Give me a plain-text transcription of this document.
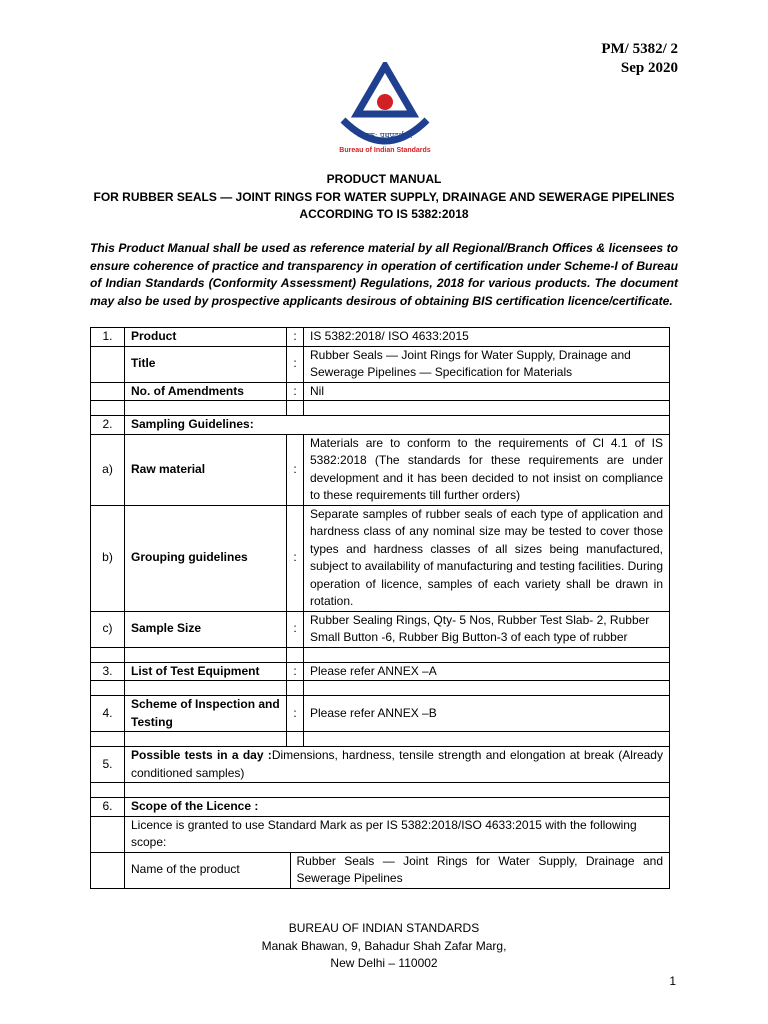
PM/ 5382/ 2
Sep 2020
मानक: पथप्रदर्शक:
Bureau of Indian Standards
PRODUCT MANUAL
FOR RUBBER SEALS — JOINT RINGS FOR WATER SUPPLY, DRAINAGE AND SEWERAGE PIPELINES
ACCORDING TO IS 5382:2018
This Product Manual shall be used as reference material by all Regional/Branch Offices & licensees to ensure coherence of practice and transparency in operation of certification under Scheme-I of Bureau of Indian Standards (Conformity Assessment) Regulations, 2018 for various products. The document may also be used by prospective applicants desirous of obtaining BIS certification licence/certificate.
1.	Product	:	IS 5382:2018/ ISO 4633:2015
	Title	:	Rubber Seals — Joint Rings for Water Supply, Drainage and Sewerage Pipelines — Specification for Materials
	No. of Amendments	:	Nil

2.	Sampling Guidelines:
a)	Raw material	:	Materials are to conform to the requirements of Cl 4.1 of IS 5382:2018 (The standards for these requirements are under development and it has been decided to not insist on compliance to these requirements till further orders)
b)	Grouping guidelines	:	Separate samples of rubber seals of each type of application and hardness class of any nominal size may be tested to cover those types and hardness classes of all sizes being manufactured, subject to availability of manufacturing and testing facilities. During operation of licence, samples of each variety shall be drawn in rotation.
c)	Sample Size	:	Rubber Sealing Rings, Qty- 5 Nos, Rubber Test Slab- 2, Rubber Small Button -6, Rubber Big Button-3 of each type of rubber

3.	List of Test Equipment	:	Please refer ANNEX –A

4.	Scheme of Inspection and Testing	:	Please refer ANNEX –B

5.	Possible tests in a day :Dimensions, hardness, tensile strength and elongation at break (Already conditioned samples)

6.	Scope of the Licence :
	Licence is granted to use Standard Mark as per IS 5382:2018/ISO 4633:2015 with the following scope:

Name of the product	Rubber Seals — Joint Rings for Water Supply, Drainage and Sewerage Pipelines
BUREAU OF INDIAN STANDARDS
Manak Bhawan, 9, Bahadur Shah Zafar Marg,
New Delhi – 110002
1
